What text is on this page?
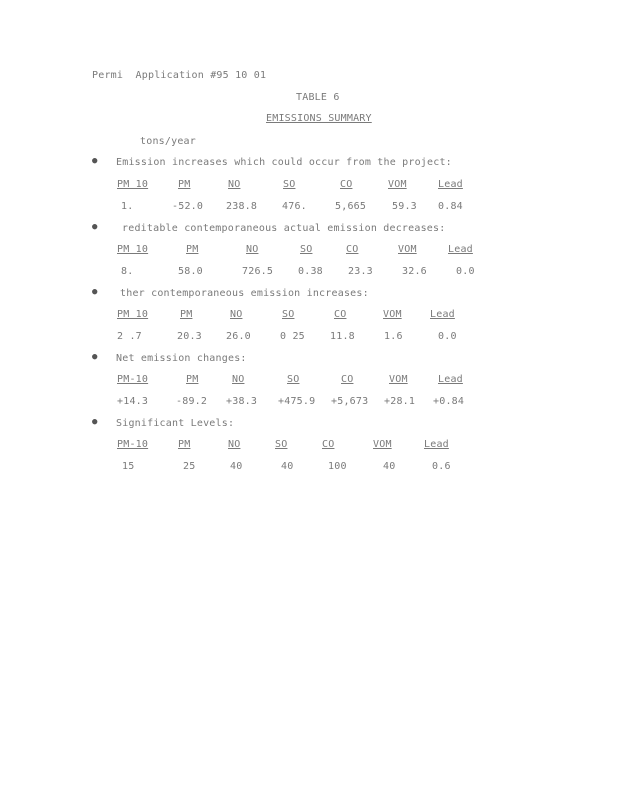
Permi  Application #95 10 01
TABLE 6
EMISSIONS SUMMARY
tons/year
● Emission increases which could occur from the project:
PM 10	PM	NO	SO	CO	VOM	Lead
1.	-52.0 238.8 476.	5,665	59.3 0.84
● reditable contemporaneous actual emission decreases:
PM 10	PM	NO	SO	CO	VOM	Lead
8.	58.0	726.5 0.38	23.3	32.6	0.0
● ther contemporaneous emission increases:
PM 10	PM	NO	SO	CO	VOM	Lead
2 .7	20.3 26.0	0 25	11.8	1.6	0.0
● Net emission changes:
PM-10	PM	NO	SO	CO	VOM	Lead
+14.3	-89.2 +38.3 +475.9 +5,673 +28.1 +0.84
● Significant Levels:
PM-10	PM	NO	SO	CO	VOM	Lead
15	25	40	40	100	40	0.6
